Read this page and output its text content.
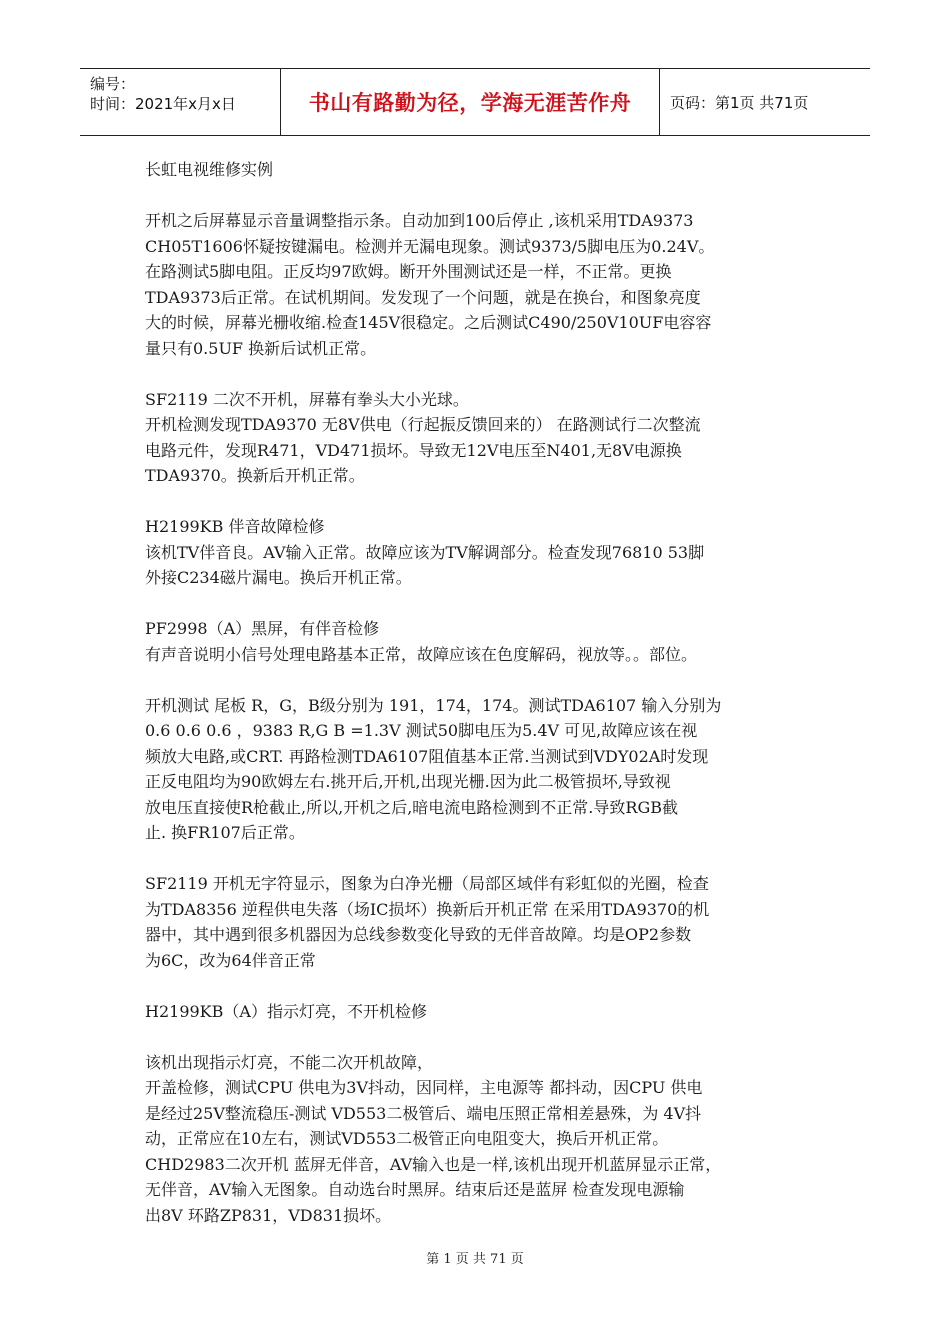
编号：
时间：2021年x月x日	书山有路勤为径，学海无涯苦作舟	页码：第1页 共71页

长虹电视维修实例

开机之后屏幕显示音量调整指示条。自动加到100后停止 ,该机采用TDA9373

CH05T1606怀疑按键漏电。检测并无漏电现象。测试9373/5脚电压为0.24V。

在路测试5脚电阻。正反均97欧姆。断开外围测试还是一样，不正常。更换

TDA9373后正常。在试机期间。发发现了一个问题，就是在换台，和图象亮度

大的时候，屏幕光栅收缩.检查145V很稳定。之后测试C490/250V10UF电容容

量只有0.5UF 换新后试机正常。

SF2119 二次不开机，屏幕有拳头大小光球。

开机检测发现TDA9370 无8V供电（行起振反馈回来的） 在路测试行二次整流

电路元件，发现R471，VD471损坏。导致无12V电压至N401,无8V电源换

TDA9370。换新后开机正常。

H2199KB 伴音故障检修

该机TV伴音良。AV输入正常。故障应该为TV解调部分。检查发现76810 53脚

外接C234磁片漏电。换后开机正常。

PF2998（A）黑屏，有伴音检修

有声音说明小信号处理电路基本正常，故障应该在色度解码，视放等。。部位。

开机测试 尾板 R，G，B级分别为 191，174，174。测试TDA6107 输入分别为

0.6 0.6 0.6 ，9383 R,G B =1.3V 测试50脚电压为5.4V 可见,故障应该在视

频放大电路,或CRT. 再路检测TDA6107阻值基本正常.当测试到VDY02A时发现

正反电阻均为90欧姆左右.挑开后,开机,出现光栅.因为此二极管损坏,导致视

放电压直接使R枪截止,所以,开机之后,暗电流电路检测到不正常.导致RGB截

止. 换FR107后正常。

SF2119 开机无字符显示，图象为白净光栅（局部区域伴有彩虹似的光圈，检查

为TDA8356 逆程供电失落（场IC损坏）换新后开机正常 在采用TDA9370的机

器中，其中遇到很多机器因为总线参数变化导致的无伴音故障。均是OP2参数

为6C，改为64伴音正常

H2199KB（A）指示灯亮，不开机检修

该机出现指示灯亮，不能二次开机故障，

开盖检修，测试CPU 供电为3V抖动，因同样，主电源等 都抖动，因CPU 供电

是经过25V整流稳压-测试 VD553二极管后、端电压照正常相差悬殊，为 4V抖

动，正常应在10左右，测试VD553二极管正向电阻变大，换后开机正常。

CHD2983二次开机 蓝屏无伴音，AV输入也是一样,该机出现开机蓝屏显示正常，

无伴音，AV输入无图象。自动选台时黑屏。结束后还是蓝屏 检查发现电源输

出8V 环路ZP831，VD831损坏。

第 1 页 共 71 页
